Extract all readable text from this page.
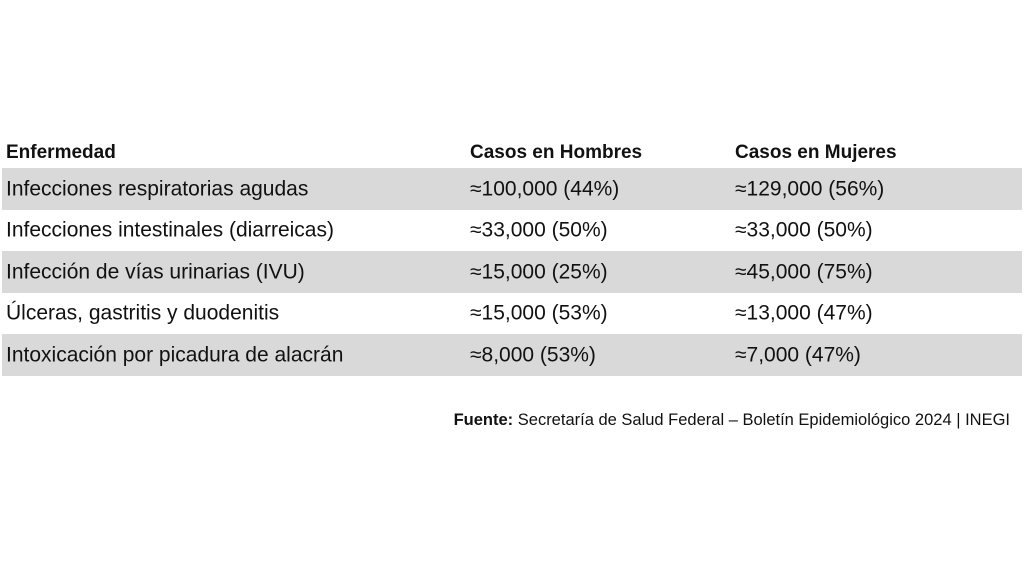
Enfermedad	Casos en Hombres	Casos en Mujeres
Infecciones respiratorias agudas	≈100,000 (44%)	≈129,000 (56%)
Infecciones intestinales (diarreicas)	≈33,000 (50%)	≈33,000 (50%)
Infección de vías urinarias (IVU)	≈15,000 (25%)	≈45,000 (75%)
Úlceras, gastritis y duodenitis	≈15,000 (53%)	≈13,000 (47%)
Intoxicación por picadura de alacrán	≈8,000 (53%)	≈7,000 (47%)
Fuente: Secretaría de Salud Federal – Boletín Epidemiológico 2024 | INEGI
